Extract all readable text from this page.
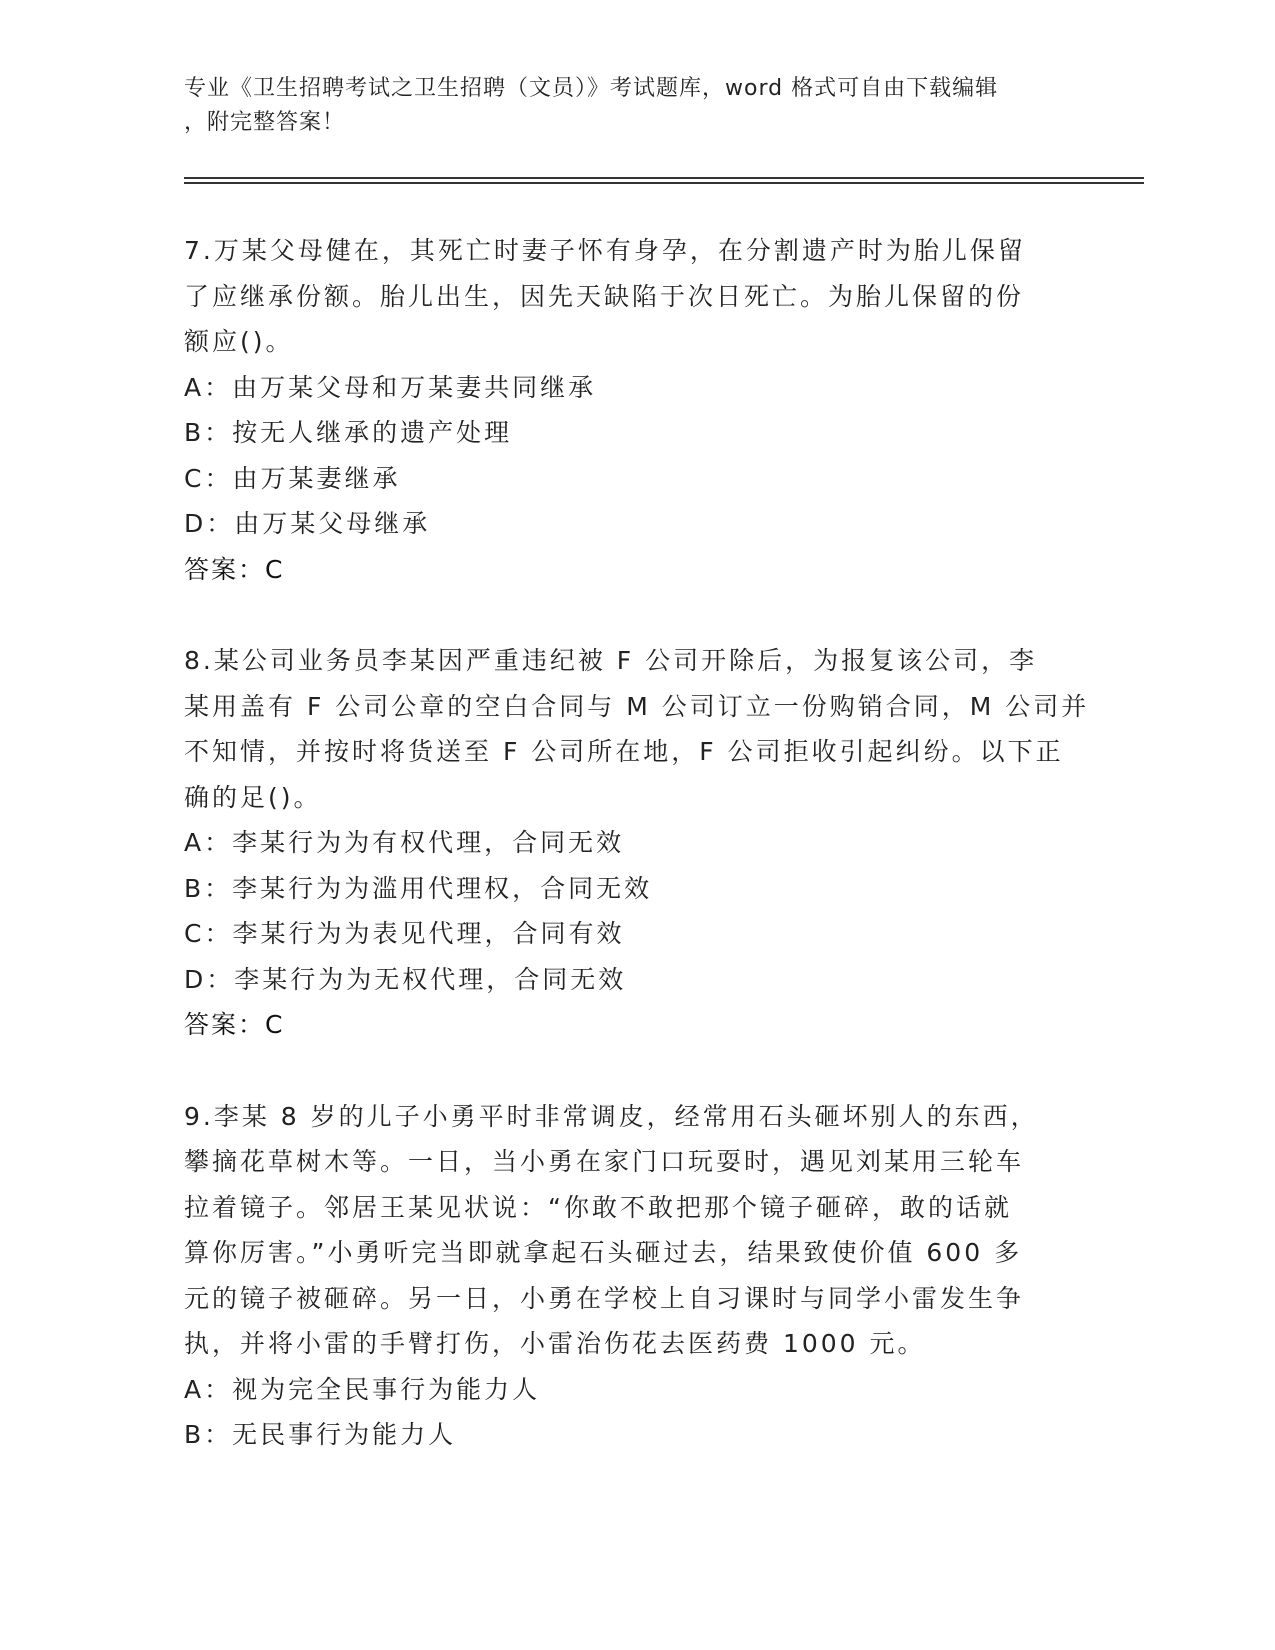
专业《卫生招聘考试之卫生招聘（文员）》考试题库，word 格式可自由下载编辑

，附完整答案！

7.万某父母健在，其死亡时妻子怀有身孕，在分割遗产时为胎儿保留
了应继承份额。胎儿出生，因先天缺陷于次日死亡。为胎儿保留的份
额应()。

A：由万某父母和万某妻共同继承

B：按无人继承的遗产处理

C：由万某妻继承

D：由万某父母继承

答案：C

8.某公司业务员李某因严重违纪被 F 公司开除后，为报复该公司，李
某用盖有 F 公司公章的空白合同与 M 公司订立一份购销合同，M 公司并
不知情，并按时将货送至 F 公司所在地，F 公司拒收引起纠纷。以下正
确的足()。

A：李某行为为有权代理，合同无效

B：李某行为为滥用代理权，合同无效

C：李某行为为表见代理，合同有效

D：李某行为为无权代理，合同无效

答案：C

9.李某 8 岁的儿子小勇平时非常调皮，经常用石头砸坏别人的东西，
攀摘花草树木等。一日，当小勇在家门口玩耍时，遇见刘某用三轮车
拉着镜子。邻居王某见状说：“你敢不敢把那个镜子砸碎，敢的话就
算你厉害。”小勇听完当即就拿起石头砸过去，结果致使价值 600 多
元的镜子被砸碎。另一日，小勇在学校上自习课时与同学小雷发生争
执，并将小雷的手臂打伤，小雷治伤花去医药费 1000 元。

A：视为完全民事行为能力人

B：无民事行为能力人
